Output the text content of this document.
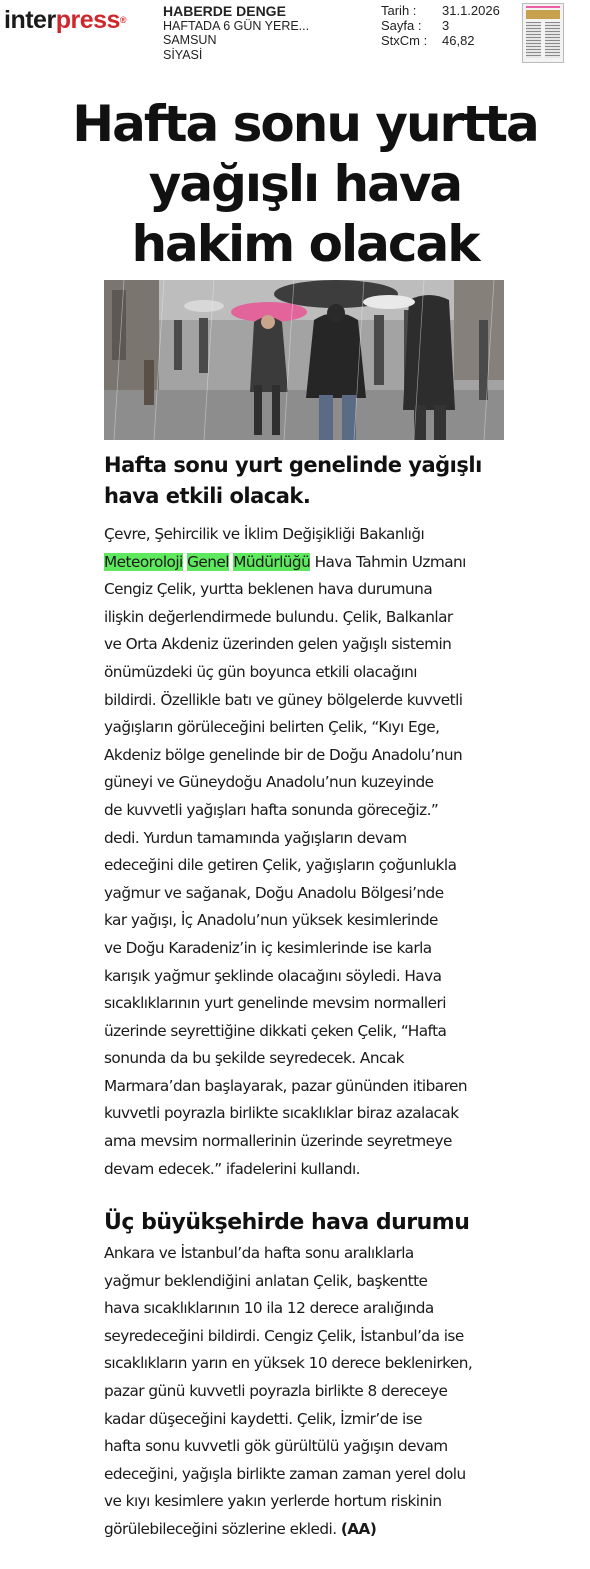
interpress®
HABERDE DENGE
HAFTADA 6 GÜN YERE...
SAMSUN
SİYASİ
Tarih :	31.1.2026
Sayfa :	3
StxCm :	46,82
Hafta sonu yurtta
yağışlı hava
hakim olacak
Hafta sonu yurt genelinde yağışlı
hava etkili olacak.
Çevre, Şehircilik ve İklim Değişikliği Bakanlığı
Meteoroloji Genel Müdürlüğü Hava Tahmin Uzmanı
Cengiz Çelik, yurtta beklenen hava durumuna
ilişkin değerlendirmede bulundu. Çelik, Balkanlar
ve Orta Akdeniz üzerinden gelen yağışlı sistemin
önümüzdeki üç gün boyunca etkili olacağını
bildirdi. Özellikle batı ve güney bölgelerde kuvvetli
yağışların görüleceğini belirten Çelik, “Kıyı Ege,
Akdeniz bölge genelinde bir de Doğu Anadolu’nun
güneyi ve Güneydoğu Anadolu’nun kuzeyinde
de kuvvetli yağışları hafta sonunda göreceğiz.”
dedi. Yurdun tamamında yağışların devam
edeceğini dile getiren Çelik, yağışların çoğunlukla
yağmur ve sağanak, Doğu Anadolu Bölgesi’nde
kar yağışı, İç Anadolu’nun yüksek kesimlerinde
ve Doğu Karadeniz’in iç kesimlerinde ise karla
karışık yağmur şeklinde olacağını söyledi. Hava
sıcaklıklarının yurt genelinde mevsim normalleri
üzerinde seyrettiğine dikkati çeken Çelik, “Hafta
sonunda da bu şekilde seyredecek. Ancak
Marmara’dan başlayarak, pazar gününden itibaren
kuvvetli poyrazla birlikte sıcaklıklar biraz azalacak
ama mevsim normallerinin üzerinde seyretmeye
devam edecek.” ifadelerini kullandı.
Üç büyükşehirde hava durumu
Ankara ve İstanbul’da hafta sonu aralıklarla
yağmur beklendiğini anlatan Çelik, başkentte
hava sıcaklıklarının 10 ila 12 derece aralığında
seyredeceğini bildirdi. Cengiz Çelik, İstanbul’da ise
sıcaklıkların yarın en yüksek 10 derece beklenirken,
pazar günü kuvvetli poyrazla birlikte 8 dereceye
kadar düşeceğini kaydetti. Çelik, İzmir’de ise
hafta sonu kuvvetli gök gürültülü yağışın devam
edeceğini, yağışla birlikte zaman zaman yerel dolu
ve kıyı kesimlere yakın yerlerde hortum riskinin
görülebileceğini sözlerine ekledi. (AA)
